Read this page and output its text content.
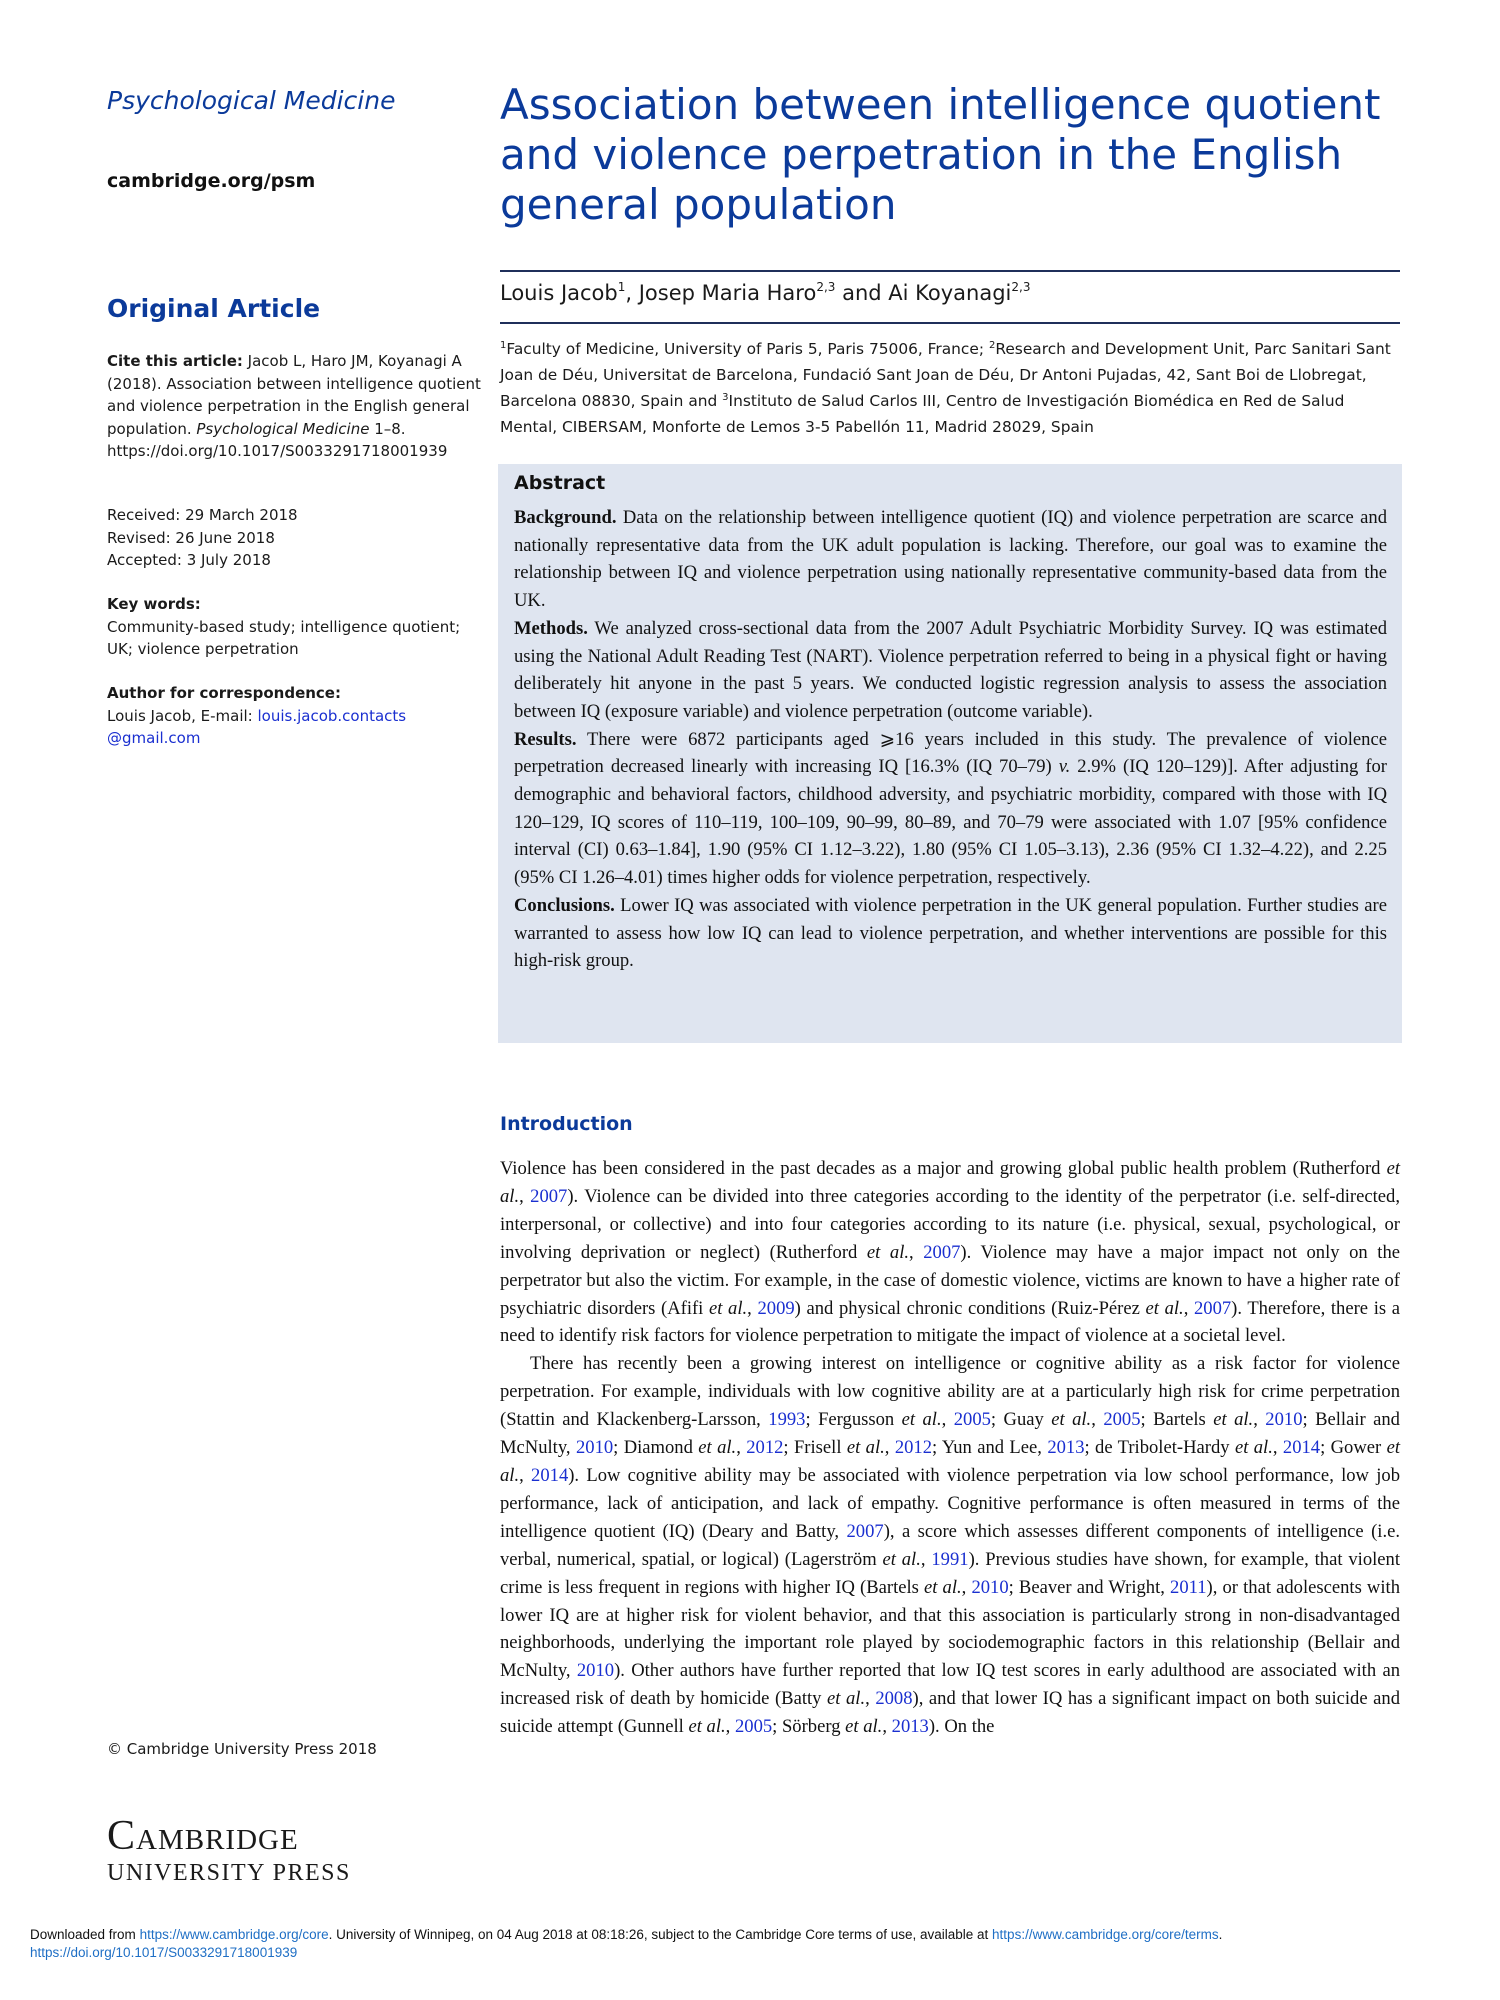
Psychological Medicine
cambridge.org/psm
Original Article
Cite this article: Jacob L, Haro JM, Koyanagi A (2018). Association between intelligence quotient and violence perpetration in the English general population. Psychological Medicine 1–8. https://doi.org/10.1017/S0033291718001939
Received: 29 March 2018
Revised: 26 June 2018
Accepted: 3 July 2018
Key words:
Community-based study; intelligence quotient; UK; violence perpetration
Author for correspondence:
Louis Jacob, E-mail: louis.jacob.contacts@gmail.com
© Cambridge University Press 2018
Cambridge
UNIVERSITY PRESS
Association between intelligence quotient and violence perpetration in the English general population
Louis Jacob$^1$, Josep Maria Haro$^{2,3}$ and Ai Koyanagi$^{2,3}$
$^1$Faculty of Medicine, University of Paris 5, Paris 75006, France; $^2$Research and Development Unit, Parc Sanitari Sant Joan de Déu, Universitat de Barcelona, Fundació Sant Joan de Déu, Dr Antoni Pujadas, 42, Sant Boi de Llobregat, Barcelona 08830, Spain and $^3$Instituto de Salud Carlos III, Centro de Investigación Biomédica en Red de Salud Mental, CIBERSAM, Monforte de Lemos 3-5 Pabellón 11, Madrid 28029, Spain
Abstract

Background. Data on the relationship between intelligence quotient (IQ) and violence perpetration are scarce and nationally representative data from the UK adult population is lacking. Therefore, our goal was to examine the relationship between IQ and violence perpetration using nationally representative community-based data from the UK.

Methods. We analyzed cross-sectional data from the 2007 Adult Psychiatric Morbidity Survey. IQ was estimated using the National Adult Reading Test (NART). Violence perpetration referred to being in a physical fight or having deliberately hit anyone in the past 5 years. We conducted logistic regression analysis to assess the association between IQ (exposure variable) and violence perpetration (outcome variable).

Results. There were 6872 participants aged ⩾16 years included in this study. The prevalence of violence perpetration decreased linearly with increasing IQ [16.3% (IQ 70–79) v. 2.9% (IQ 120–129)]. After adjusting for demographic and behavioral factors, childhood adversity, and psychiatric morbidity, compared with those with IQ 120–129, IQ scores of 110–119, 100–109, 90–99, 80–89, and 70–79 were associated with 1.07 [95% confidence interval (CI) 0.63–1.84], 1.90 (95% CI 1.12–3.22), 1.80 (95% CI 1.05–3.13), 2.36 (95% CI 1.32–4.22), and 2.25 (95% CI 1.26–4.01) times higher odds for violence perpetration, respectively.

Conclusions. Lower IQ was associated with violence perpetration in the UK general population. Further studies are warranted to assess how low IQ can lead to violence perpetration, and whether interventions are possible for this high-risk group.

Introduction

Violence has been considered in the past decades as a major and growing global public health problem (Rutherford et al., 2007). Violence can be divided into three categories according to the identity of the perpetrator (i.e. self-directed, interpersonal, or collective) and into four categories according to its nature (i.e. physical, sexual, psychological, or involving deprivation or neglect) (Rutherford et al., 2007). Violence may have a major impact not only on the perpetrator but also the victim. For example, in the case of domestic violence, victims are known to have a higher rate of psychiatric disorders (Afifi et al., 2009) and physical chronic conditions (Ruiz-Pérez et al., 2007). Therefore, there is a need to identify risk factors for violence perpetration to mitigate the impact of violence at a societal level.

There has recently been a growing interest on intelligence or cognitive ability as a risk factor for violence perpetration. For example, individuals with low cognitive ability are at a particularly high risk for crime perpetration (Stattin and Klackenberg-Larsson, 1993; Fergusson et al., 2005; Guay et al., 2005; Bartels et al., 2010; Bellair and McNulty, 2010; Diamond et al., 2012; Frisell et al., 2012; Yun and Lee, 2013; de Tribolet-Hardy et al., 2014; Gower et al., 2014). Low cognitive ability may be associated with violence perpetration via low school performance, low job performance, lack of anticipation, and lack of empathy. Cognitive performance is often measured in terms of the intelligence quotient (IQ) (Deary and Batty, 2007), a score which assesses different components of intelligence (i.e. verbal, numerical, spatial, or logical) (Lagerström et al., 1991). Previous studies have shown, for example, that violent crime is less frequent in regions with higher IQ (Bartels et al., 2010; Beaver and Wright, 2011), or that adolescents with lower IQ are at higher risk for violent behavior, and that this association is particularly strong in non-disadvantaged neighborhoods, underlying the important role played by sociodemographic factors in this relationship (Bellair and McNulty, 2010). Other authors have further reported that low IQ test scores in early adulthood are associated with an increased risk of death by homicide (Batty et al., 2008), and that lower IQ has a significant impact on both suicide and suicide attempt (Gunnell et al., 2005; Sörberg et al., 2013). On the

Downloaded from https://www.cambridge.org/core. University of Winnipeg, on 04 Aug 2018 at 08:18:26, subject to the Cambridge Core terms of use, available at https://www.cambridge.org/core/terms.
https://doi.org/10.1017/S0033291718001939
